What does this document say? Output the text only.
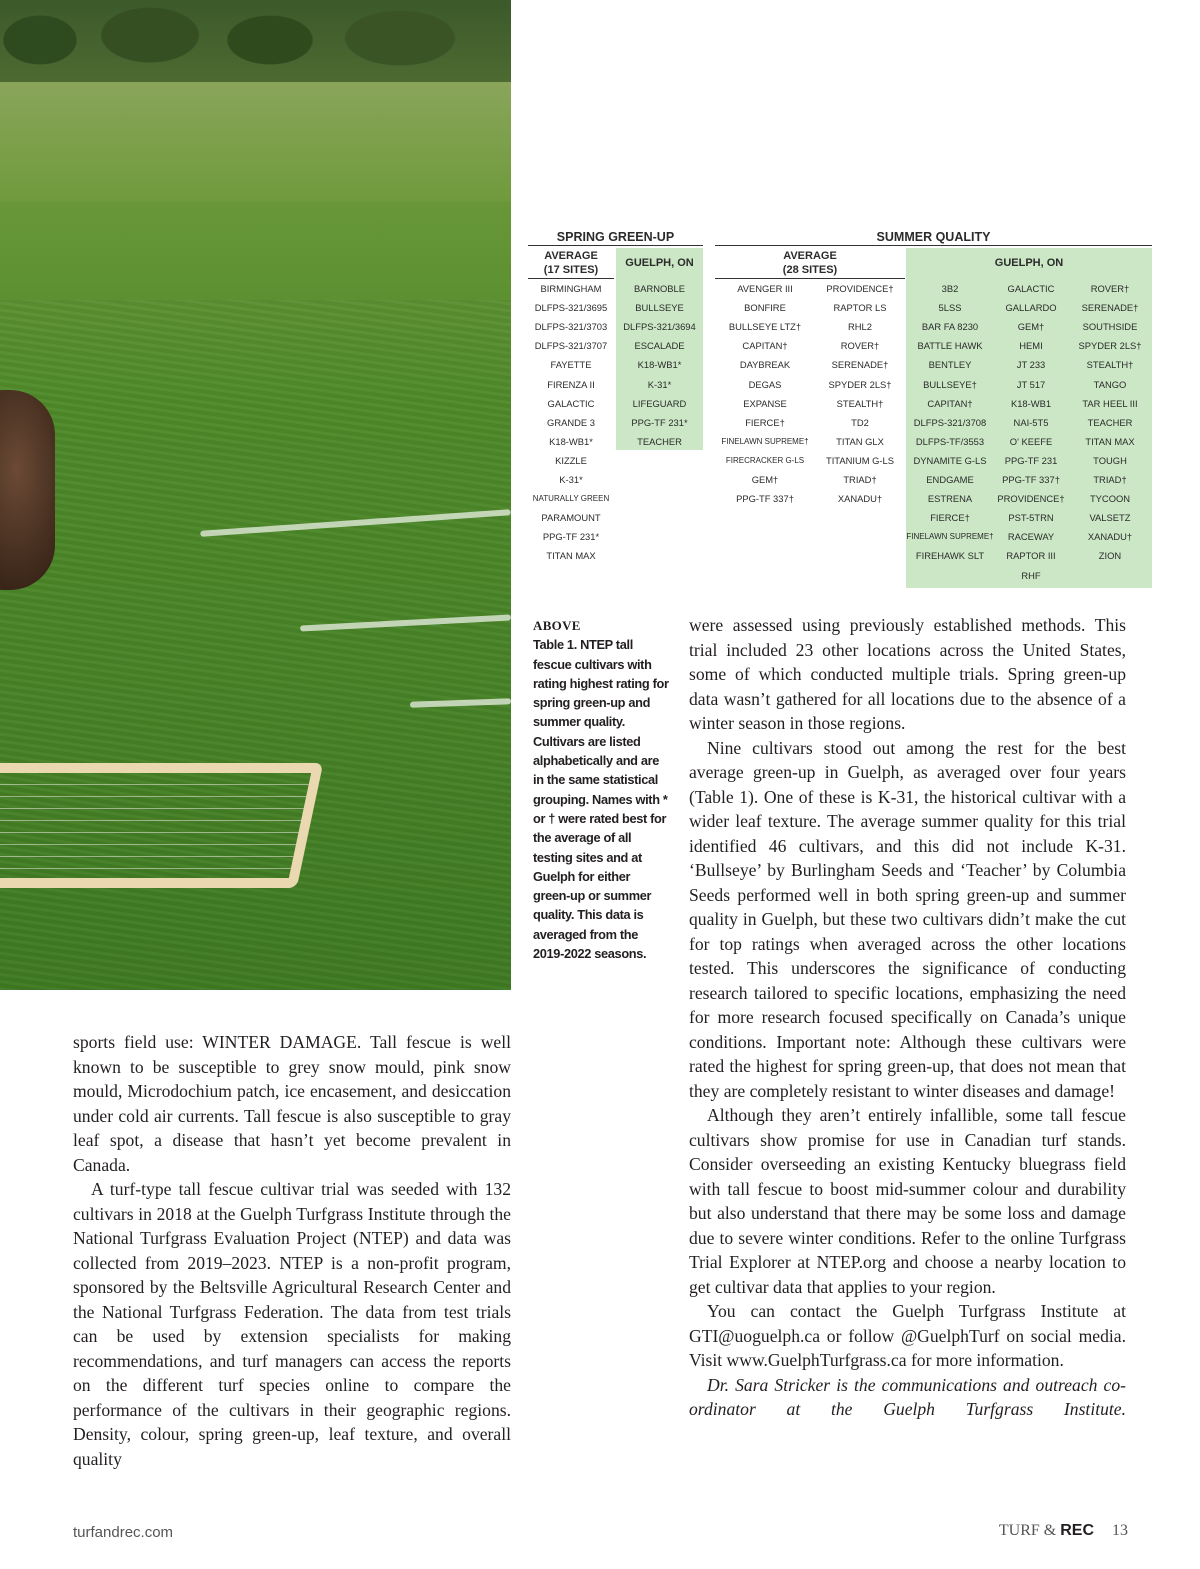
SPRING GREEN-UP	SUMMER QUALITY
AVERAGE
(17 SITES)
GUELPH, ON
AVERAGE
(28 SITES)
GUELPH, ON
BIRMINGHAM
DLFPS-321/3695
DLFPS-321/3703
DLFPS-321/3707
FAYETTE
FIRENZA II
GALACTIC
GRANDE 3
K18-WB1*
KIZZLE
K-31*
NATURALLY GREEN
PARAMOUNT
PPG-TF 231*
TITAN MAX
BARNOBLE
BULLSEYE
DLFPS-321/3694
ESCALADE
K18-WB1*
K-31*
LIFEGUARD
PPG-TF 231*
TEACHER
AVENGER III
BONFIRE
BULLSEYE LTZ†
CAPITAN†
DAYBREAK
DEGAS
EXPANSE
FIERCE†
FINELAWN SUPREME†
FIRECRACKER G-LS
GEM†
PPG-TF 337†
PROVIDENCE†
RAPTOR LS
RHL2
ROVER†
SERENADE†
SPYDER 2LS†
STEALTH†
TD2
TITAN GLX
TITANIUM G-LS
TRIAD†
XANADU†
3B2
5LSS
BAR FA 8230
BATTLE HAWK
BENTLEY
BULLSEYE†
CAPITAN†
DLFPS-321/3708
DLFPS-TF/3553
DYNAMITE G-LS
ENDGAME
ESTRENA
FIERCE†
FINELAWN SUPREME†
FIREHAWK SLT
GALACTIC
GALLARDO
GEM†
HEMI
JT 233
JT 517
K18-WB1
NAI-5T5
O' KEEFE
PPG-TF 231
PPG-TF 337†
PROVIDENCE†
PST-5TRN
RACEWAY
RAPTOR III
RHF
ROVER†
SERENADE†
SOUTHSIDE
SPYDER 2LS†
STEALTH†
TANGO
TAR HEEL III
TEACHER
TITAN MAX
TOUGH
TRIAD†
TYCOON
VALSETZ
XANADU†
ZION
ABOVE
Table 1. NTEP tall fescue cultivars with rating highest rating for spring green-up and summer quality. Cultivars are listed alphabetically and are in the same statistical grouping. Names with * or † were rated best for the average of all testing sites and at Guelph for either green-up or summer quality. This data is averaged from the 2019-2022 seasons.

sports field use: WINTER DAMAGE. Tall fescue is well known to be susceptible to grey snow mould, pink snow mould, Microdochium patch, ice encasement, and desiccation under cold air currents. Tall fescue is also susceptible to gray leaf spot, a disease that hasn’t yet become prevalent in Canada.

A turf-type tall fescue cultivar trial was seeded with 132 cultivars in 2018 at the Guelph Turfgrass Institute through the National Turfgrass Evaluation Project (NTEP) and data was collected from 2019–2023. NTEP is a non-profit program, sponsored by the Beltsville Agricultural Research Center and the National Turfgrass Federation. The data from test trials can be used by extension specialists for making recommendations, and turf managers can access the reports on the different turf species online to compare the performance of the cultivars in their geographic regions. Density, colour, spring green-up, leaf texture, and overall quality

were assessed using previously established methods. This trial included 23 other locations across the United States, some of which conducted multiple trials. Spring green-up data wasn’t gathered for all locations due to the absence of a winter season in those regions.

Nine cultivars stood out among the rest for the best average green-up in Guelph, as averaged over four years (Table 1). One of these is K-31, the historical cultivar with a wider leaf texture. The average summer quality for this trial identified 46 cultivars, and this did not include K-31. ‘Bullseye’ by Burlingham Seeds and ‘Teacher’ by Columbia Seeds performed well in both spring green-up and summer quality in Guelph, but these two cultivars didn’t make the cut for top ratings when averaged across the other locations tested. This underscores the significance of conducting research tailored to specific locations, emphasizing the need for more research focused specifically on Canada’s unique conditions. Important note: Although these cultivars were rated the highest for spring green-up, that does not mean that they are completely resistant to winter diseases and damage!

Although they aren’t entirely infallible, some tall fescue cultivars show promise for use in Canadian turf stands. Consider overseeding an existing Kentucky bluegrass field with tall fescue to boost mid-summer colour and durability but also understand that there may be some loss and damage due to severe winter conditions. Refer to the online Turfgrass Trial Explorer at NTEP.org and choose a nearby location to get cultivar data that applies to your region.

You can contact the Guelph Turfgrass Institute at GTI@uoguelph.ca or follow @GuelphTurf on social media. Visit www.GuelphTurfgrass.ca for more information.

Dr. Sara Stricker is the communications and outreach co-ordinator at the Guelph Turfgrass Institute.

turfandrec.com	TURF & REC 13
